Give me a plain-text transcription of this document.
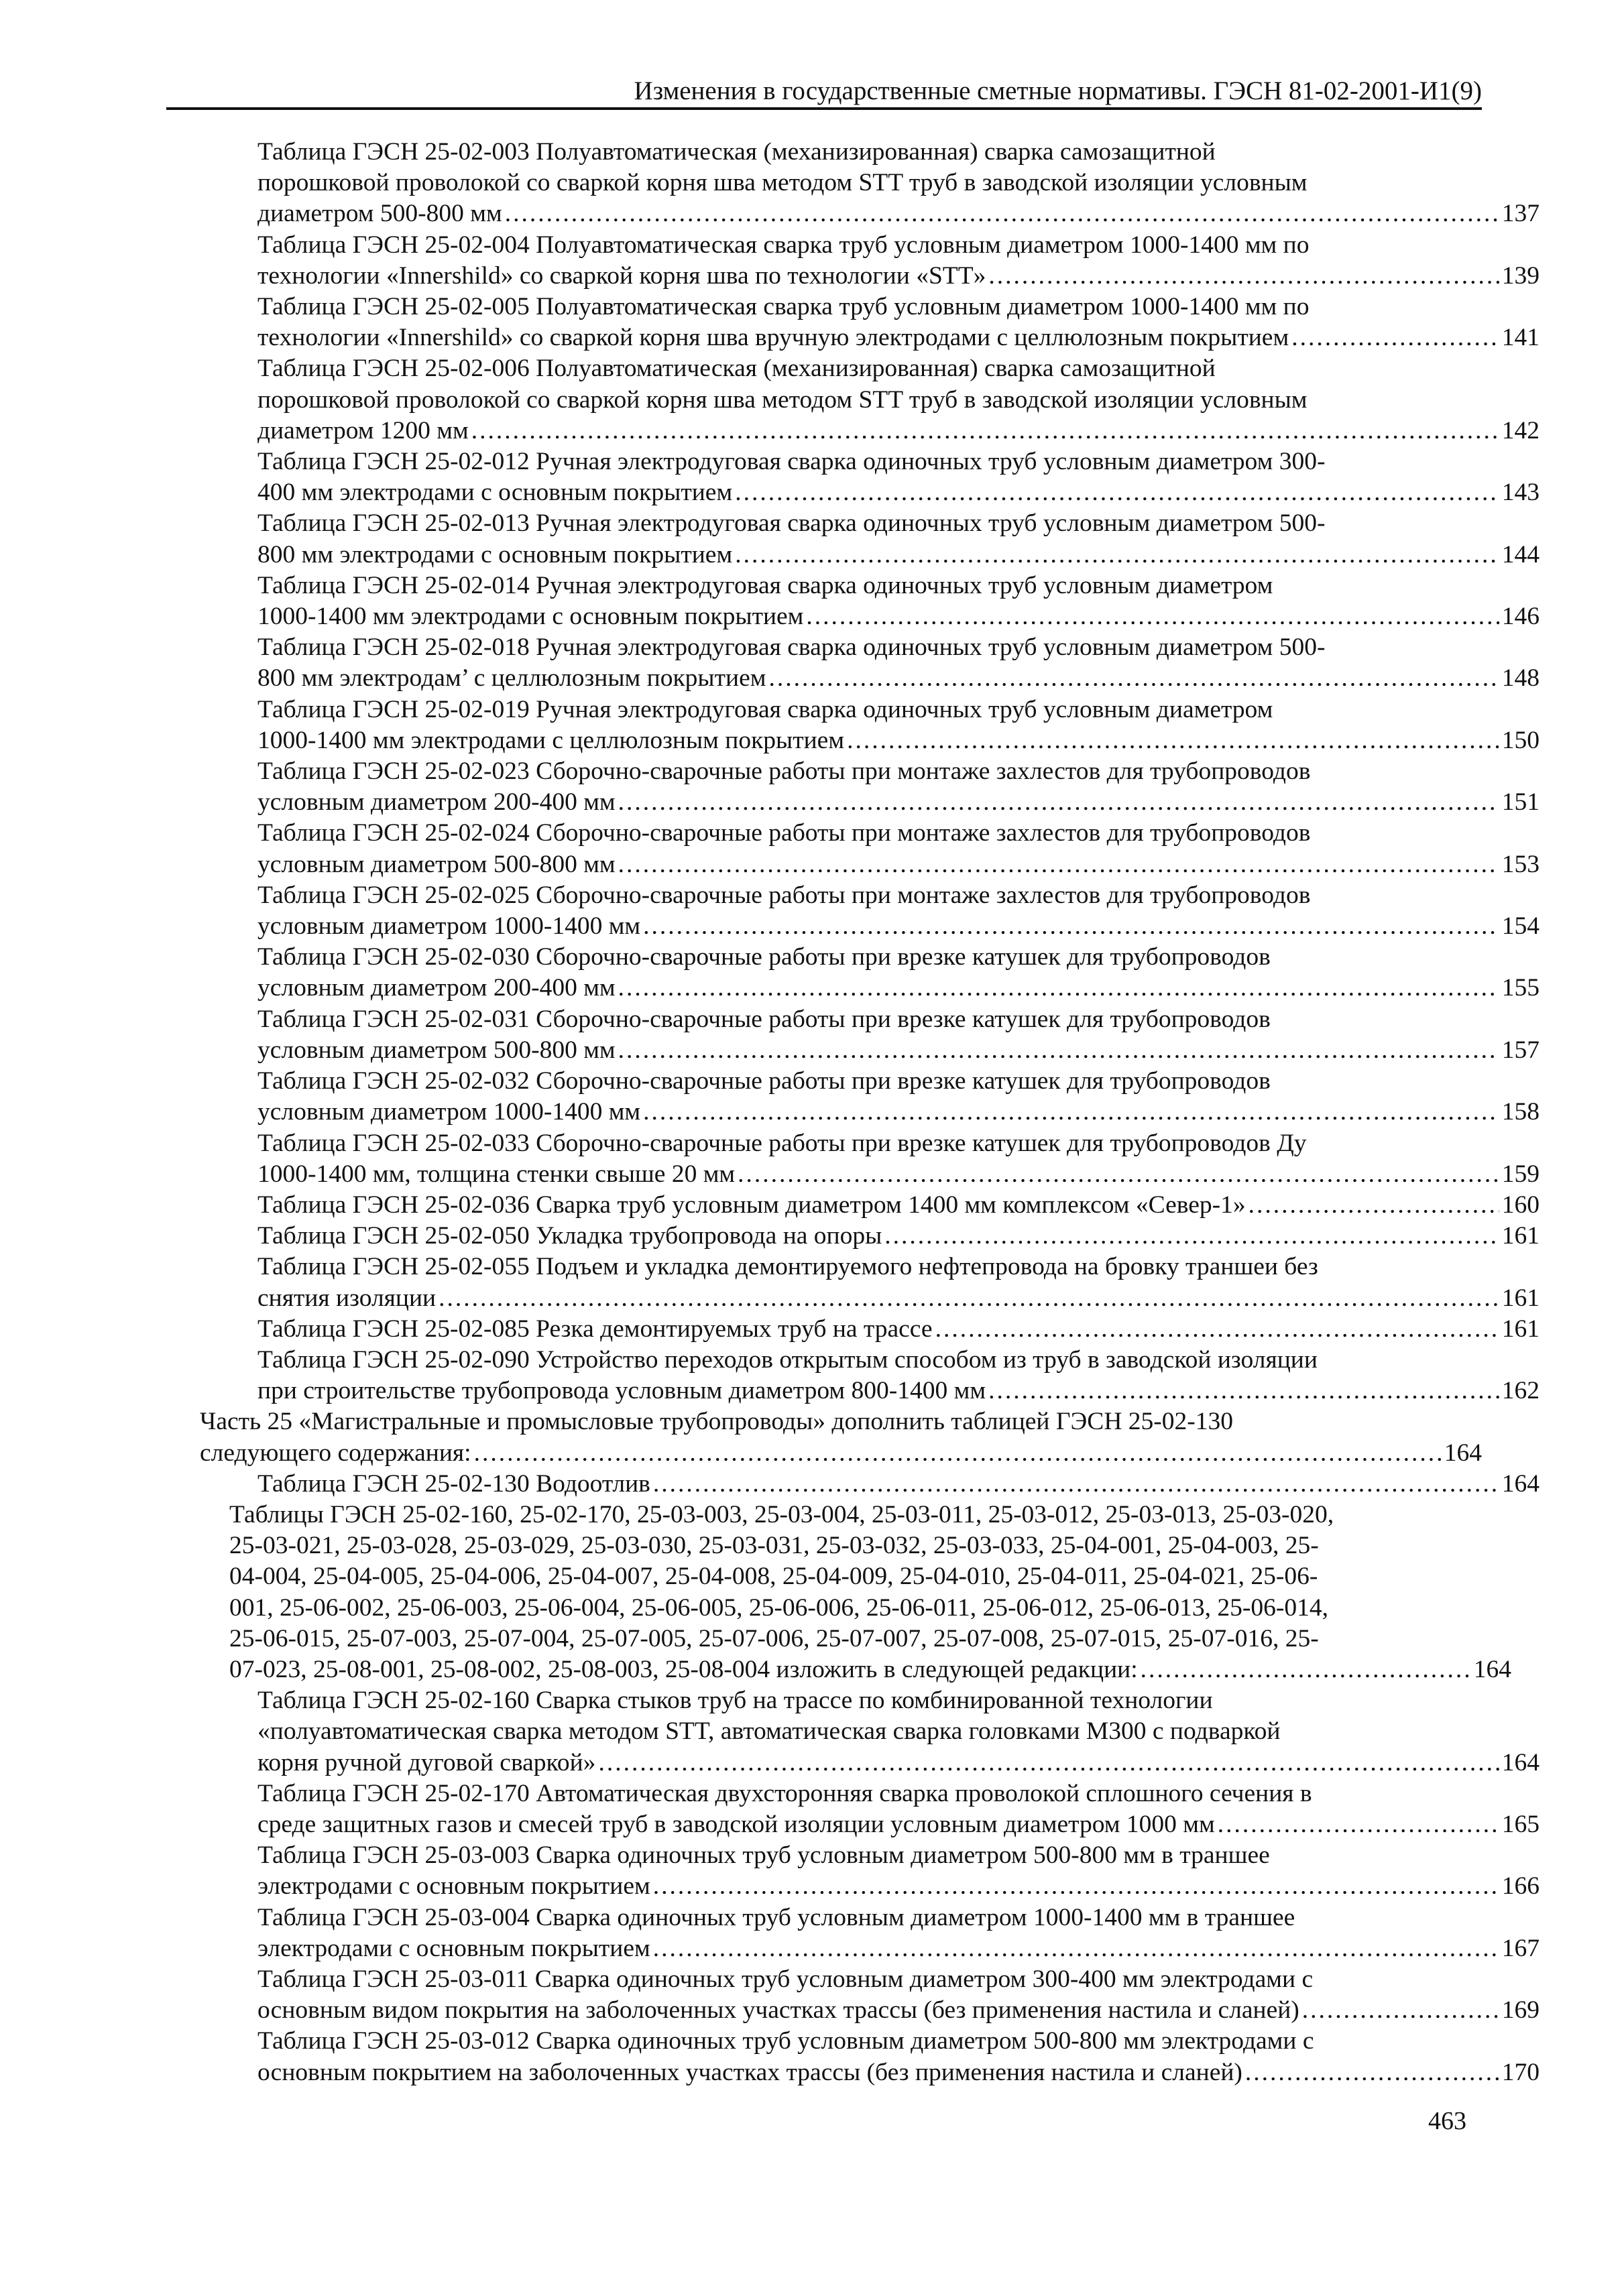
Изменения в государственные сметные нормативы. ГЭСН 81-02-2001-И1(9)
Таблица ГЭСН 25-02-003 Полуавтоматическая (механизированная) сварка самозащитной
порошковой проволокой со сваркой корня шва методом STT труб в заводской изоляции условным
диаметром 500-800 мм .....	137
Таблица ГЭСН 25-02-004 Полуавтоматическая сварка труб условным диаметром 1000-1400 мм по
технологии «Innershild» со сваркой корня шва по технологии «STT» .....	139
Таблица ГЭСН 25-02-005 Полуавтоматическая сварка труб условным диаметром 1000-1400 мм по
технологии «Innershild» со сваркой корня шва вручную электродами с целлюлозным покрытием .....	141
Таблица ГЭСН 25-02-006 Полуавтоматическая (механизированная) сварка самозащитной
порошковой проволокой со сваркой корня шва методом STT труб в заводской изоляции условным
диаметром 1200 мм .....	142
Таблица ГЭСН 25-02-012 Ручная электродуговая сварка одиночных труб условным диаметром 300-
400 мм электродами с основным покрытием .....	143
Таблица ГЭСН 25-02-013 Ручная электродуговая сварка одиночных труб условным диаметром 500-
800 мм электродами с основным покрытием .....	144
Таблица ГЭСН 25-02-014 Ручная электродуговая сварка одиночных труб условным диаметром
1000-1400 мм электродами с основным покрытием .....	146
Таблица ГЭСН 25-02-018 Ручная электродуговая сварка одиночных труб условным диаметром 500-
800 мм электродам’ с целлюлозным покрытием .....	148
Таблица ГЭСН 25-02-019 Ручная электродуговая сварка одиночных труб условным диаметром
1000-1400 мм электродами с целлюлозным покрытием .....	150
Таблица ГЭСН 25-02-023 Сборочно-сварочные работы при монтаже захлестов для трубопроводов
условным диаметром 200-400 мм .....	151
Таблица ГЭСН 25-02-024 Сборочно-сварочные работы при монтаже захлестов для трубопроводов
условным диаметром 500-800 мм .....	153
Таблица ГЭСН 25-02-025 Сборочно-сварочные работы при монтаже захлестов для трубопроводов
условным диаметром 1000-1400 мм .....	154
Таблица ГЭСН 25-02-030 Сборочно-сварочные работы при врезке катушек для трубопроводов
условным диаметром 200-400 мм .....	155
Таблица ГЭСН 25-02-031 Сборочно-сварочные работы при врезке катушек для трубопроводов
условным диаметром 500-800 мм .....	157
Таблица ГЭСН 25-02-032 Сборочно-сварочные работы при врезке катушек для трубопроводов
условным диаметром 1000-1400 мм .....	158
Таблица ГЭСН 25-02-033 Сборочно-сварочные работы при врезке катушек для трубопроводов Ду
1000-1400 мм, толщина стенки свыше 20 мм .....	159
Таблица ГЭСН 25-02-036 Сварка труб условным диаметром 1400 мм комплексом «Север-1» .....	160
Таблица ГЭСН 25-02-050 Укладка трубопровода на опоры .....	161
Таблица ГЭСН 25-02-055 Подъем и укладка демонтируемого нефтепровода на бровку траншеи без
снятия изоляции .....	161
Таблица ГЭСН 25-02-085 Резка демонтируемых труб на трассе .....	161
Таблица ГЭСН 25-02-090 Устройство переходов открытым способом из труб в заводской изоляции
при строительстве трубопровода условным диаметром 800-1400 мм .....	162
Часть 25 «Магистральные и промысловые трубопроводы» дополнить таблицей ГЭСН 25-02-130
следующего содержания: .....	164
Таблица ГЭСН 25-02-130 Водоотлив .....	164
Таблицы ГЭСН 25-02-160, 25-02-170, 25-03-003, 25-03-004, 25-03-011, 25-03-012, 25-03-013, 25-03-020,
25-03-021, 25-03-028, 25-03-029, 25-03-030, 25-03-031, 25-03-032, 25-03-033, 25-04-001, 25-04-003, 25-
04-004, 25-04-005, 25-04-006, 25-04-007, 25-04-008, 25-04-009, 25-04-010, 25-04-011, 25-04-021, 25-06-
001, 25-06-002, 25-06-003, 25-06-004, 25-06-005, 25-06-006, 25-06-011, 25-06-012, 25-06-013, 25-06-014,
25-06-015, 25-07-003, 25-07-004, 25-07-005, 25-07-006, 25-07-007, 25-07-008, 25-07-015, 25-07-016, 25-
07-023, 25-08-001, 25-08-002, 25-08-003, 25-08-004 изложить в следующей редакции: .....	164
Таблица ГЭСН 25-02-160 Сварка стыков труб на трассе по комбинированной технологии
«полуавтоматическая сварка методом STT, автоматическая сварка головками М300 с подваркой
корня ручной дуговой сваркой» .....	164
Таблица ГЭСН 25-02-170 Автоматическая двухсторонняя сварка проволокой сплошного сечения в
среде защитных газов и смесей труб в заводской изоляции условным диаметром 1000 мм .....	165
Таблица ГЭСН 25-03-003 Сварка одиночных труб условным диаметром 500-800 мм в траншее
электродами с основным покрытием .....	166
Таблица ГЭСН 25-03-004 Сварка одиночных труб условным диаметром 1000-1400 мм в траншее
электродами с основным покрытием .....	167
Таблица ГЭСН 25-03-011 Сварка одиночных труб условным диаметром 300-400 мм электродами с
основным видом покрытия на заболоченных участках трассы (без применения настила и сланей) .....	169
Таблица ГЭСН 25-03-012 Сварка одиночных труб условным диаметром 500-800 мм электродами с
основным покрытием на заболоченных участках трассы (без применения настила и сланей) .....	170
463
